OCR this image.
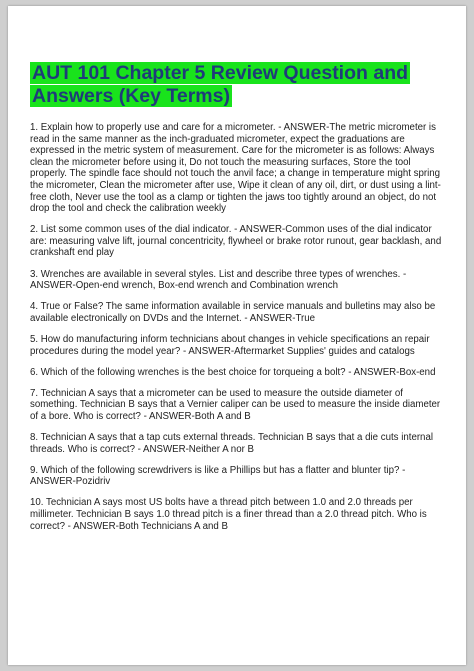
AUT 101 Chapter 5 Review Question and Answers (Key Terms)

1. Explain how to properly use and care for a micrometer. - ANSWER-The metric micrometer is read in the same manner as the inch-graduated micrometer, expect the graduations are expressed in the metric system of measurement. Care for the micrometer is as follows: Always clean the micrometer before using it, Do not touch the measuring surfaces, Store the tool properly. The spindle face should not touch the anvil face; a change in temperature might spring the micrometer, Clean the micrometer after use, Wipe it clean of any oil, dirt, or dust using a lint-free cloth, Never use the tool as a clamp or tighten the jaws too tightly around an object, do not drop the tool and check the calibration weekly

2. List some common uses of the dial indicator. - ANSWER-Common uses of the dial indicator are: measuring valve lift, journal concentricity, flywheel or brake rotor runout, gear backlash, and crankshaft end play

3. Wrenches are available in several styles. List and describe three types of wrenches. - ANSWER-Open-end wrench, Box-end wrench and Combination wrench

4. True or False? The same information available in service manuals and bulletins may also be available electronically on DVDs and the Internet. - ANSWER-True

5. How do manufacturing inform technicians about changes in vehicle specifications an repair procedures during the model year? - ANSWER-Aftermarket Supplies' guides and catalogs

6. Which of the following wrenches is the best choice for torqueing a bolt? - ANSWER-Box-end

7. Technician A says that a micrometer can be used to measure the outside diameter of something. Technician B says that a Vernier caliper can be used to measure the inside diameter of a bore. Who is correct? - ANSWER-Both A and B

8. Technician A says that a tap cuts external threads. Technician B says that a die cuts internal threads. Who is correct? - ANSWER-Neither A nor B

9. Which of the following screwdrivers is like a Phillips but has a flatter and blunter tip? - ANSWER-Pozidriv

10. Technician A says most US bolts have a thread pitch between 1.0 and 2.0 threads per millimeter. Technician B says 1.0 thread pitch is a finer thread than a 2.0 thread pitch. Who is correct? - ANSWER-Both Technicians A and B
